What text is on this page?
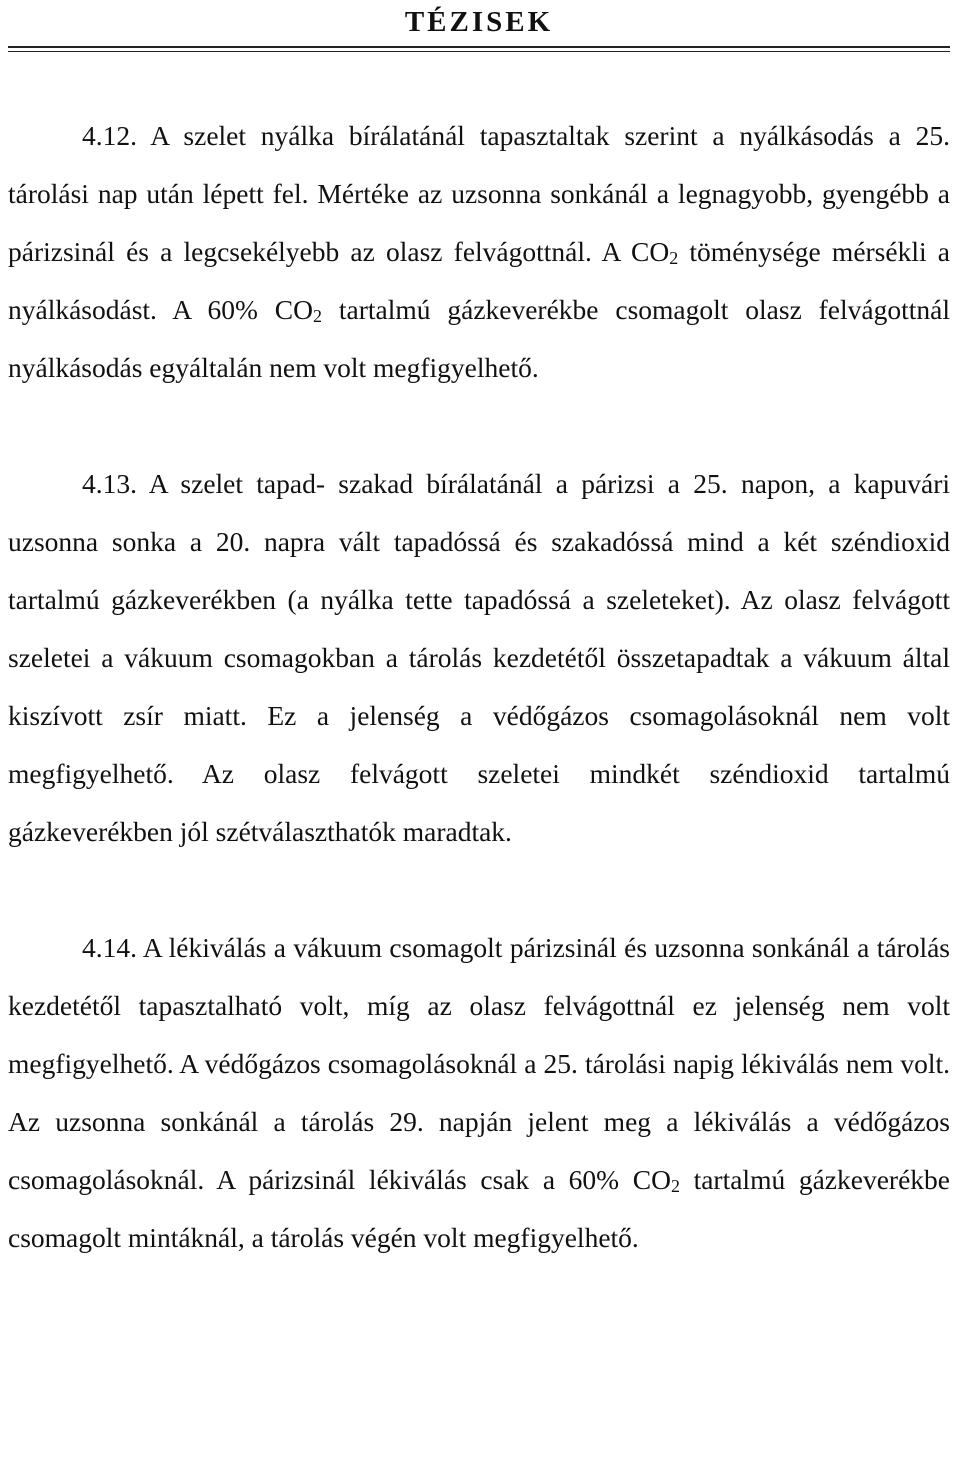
TÉZISEK

4.12. A szelet nyálka bírálatánál tapasztaltak szerint a nyálkásodás a 25. tárolási nap után lépett fel. Mértéke az uzsonna sonkánál a legnagyobb, gyengébb a párizsinál és a legcsekélyebb az olasz felvágottnál. A $CO_2$ töménysége mérsékli a nyálkásodást. A 60% $CO_2$ tartalmú gázkeverékbe csomagolt olasz felvágottnál nyálkásodás egyáltalán nem volt megfigyelhető.

4.13. A szelet tapad- szakad bírálatánál a párizsi a 25. napon, a kapuvári uzsonna sonka a 20. napra vált tapadóssá és szakadóssá mind a két széndioxid tartalmú gázkeverékben (a nyálka tette tapadóssá a szeleteket). Az olasz felvágott szeletei a vákuum csomagokban a tárolás kezdetétől összetapadtak a vákuum által kiszívott zsír miatt. Ez a jelenség a védőgázos csomagolásoknál nem volt megfigyelhető. Az olasz felvágott szeletei mindkét széndioxid tartalmú gázkeverékben jól szétválaszthatók maradtak.

4.14. A lékiválás a vákuum csomagolt párizsinál és uzsonna sonkánál a tárolás kezdetétől tapasztalható volt, míg az olasz felvágottnál ez jelenség nem volt megfigyelhető. A védőgázos csomagolásoknál a 25. tárolási napig lékiválás nem volt. Az uzsonna sonkánál a tárolás 29. napján jelent meg a lékiválás a védőgázos csomagolásoknál. A párizsinál lékiválás csak a 60% $CO_2$ tartalmú gázkeverékbe csomagolt mintáknál, a tárolás végén volt megfigyelhető.
